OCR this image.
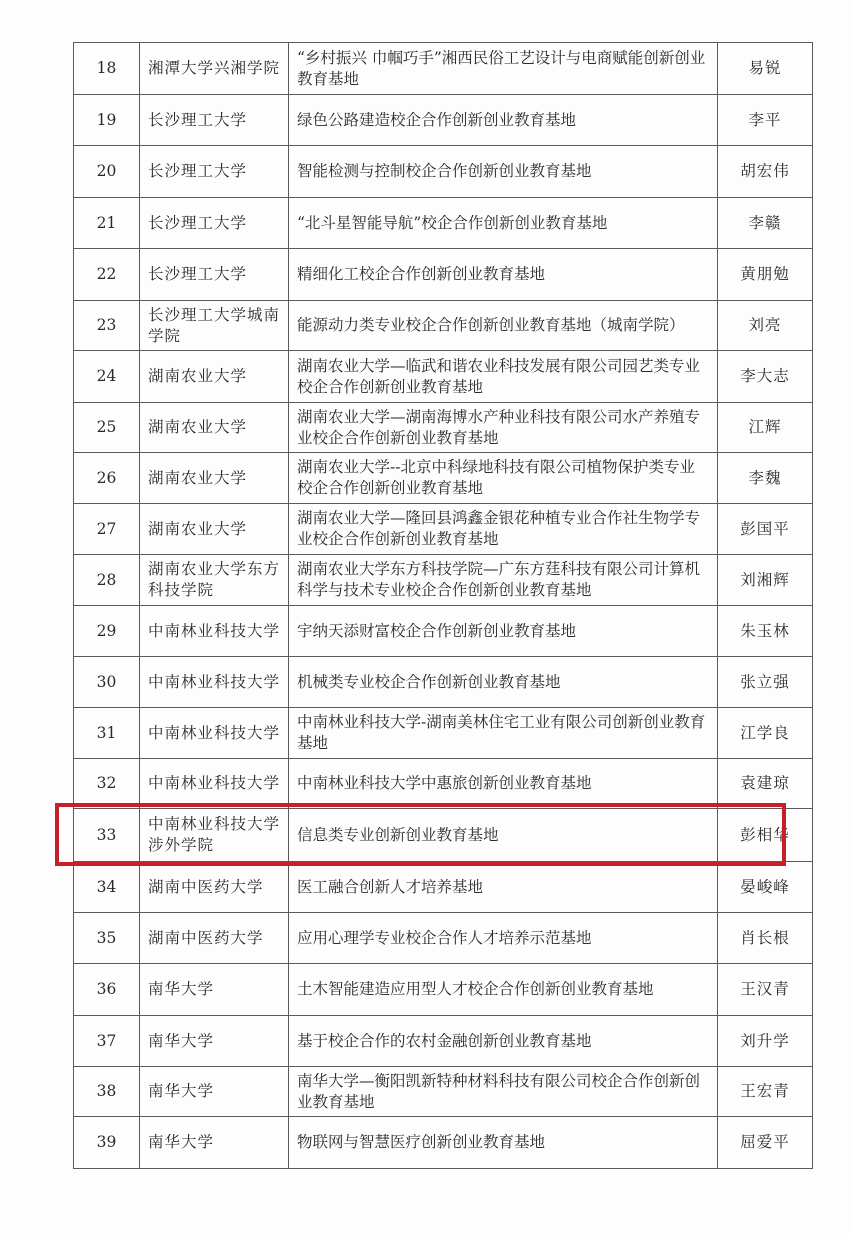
18	湘潭大学兴湘学院	“乡村振兴 巾帼巧手”湘西民俗工艺设计与电商赋能创新创业教育基地	易锐
19	长沙理工大学	绿色公路建造校企合作创新创业教育基地	李平
20	长沙理工大学	智能检测与控制校企合作创新创业教育基地	胡宏伟
21	长沙理工大学	“北斗星智能导航”校企合作创新创业教育基地	李赣
22	长沙理工大学	精细化工校企合作创新创业教育基地	黄朋勉
23	长沙理工大学城南学院	能源动力类专业校企合作创新创业教育基地（城南学院）	刘亮
24	湖南农业大学	湖南农业大学—临武和谐农业科技发展有限公司园艺类专业校企合作创新创业教育基地	李大志
25	湖南农业大学	湖南农业大学—湖南海博水产种业科技有限公司水产养殖专业校企合作创新创业教育基地	江辉
26	湖南农业大学	湖南农业大学--北京中科绿地科技有限公司植物保护类专业校企合作创新创业教育基地	李魏
27	湖南农业大学	湖南农业大学—隆回县鸿鑫金银花种植专业合作社生物学专业校企合作创新创业教育基地	彭国平
28	湖南农业大学东方科技学院	湖南农业大学东方科技学院—广东方莛科技有限公司计算机科学与技术专业校企合作创新创业教育基地	刘湘辉
29	中南林业科技大学	宇纳天添财富校企合作创新创业教育基地	朱玉林
30	中南林业科技大学	机械类专业校企合作创新创业教育基地	张立强
31	中南林业科技大学	中南林业科技大学-湖南美林住宅工业有限公司创新创业教育基地	江学良
32	中南林业科技大学	中南林业科技大学中惠旅创新创业教育基地	袁建琼
33	中南林业科技大学涉外学院	信息类专业创新创业教育基地	彭相华
34	湖南中医药大学	医工融合创新人才培养基地	晏峻峰
35	湖南中医药大学	应用心理学专业校企合作人才培养示范基地	肖长根
36	南华大学	土木智能建造应用型人才校企合作创新创业教育基地	王汉青
37	南华大学	基于校企合作的农村金融创新创业教育基地	刘升学
38	南华大学	南华大学—衡阳凯新特种材料科技有限公司校企合作创新创业教育基地	王宏青
39	南华大学	物联网与智慧医疗创新创业教育基地	屈爱平
